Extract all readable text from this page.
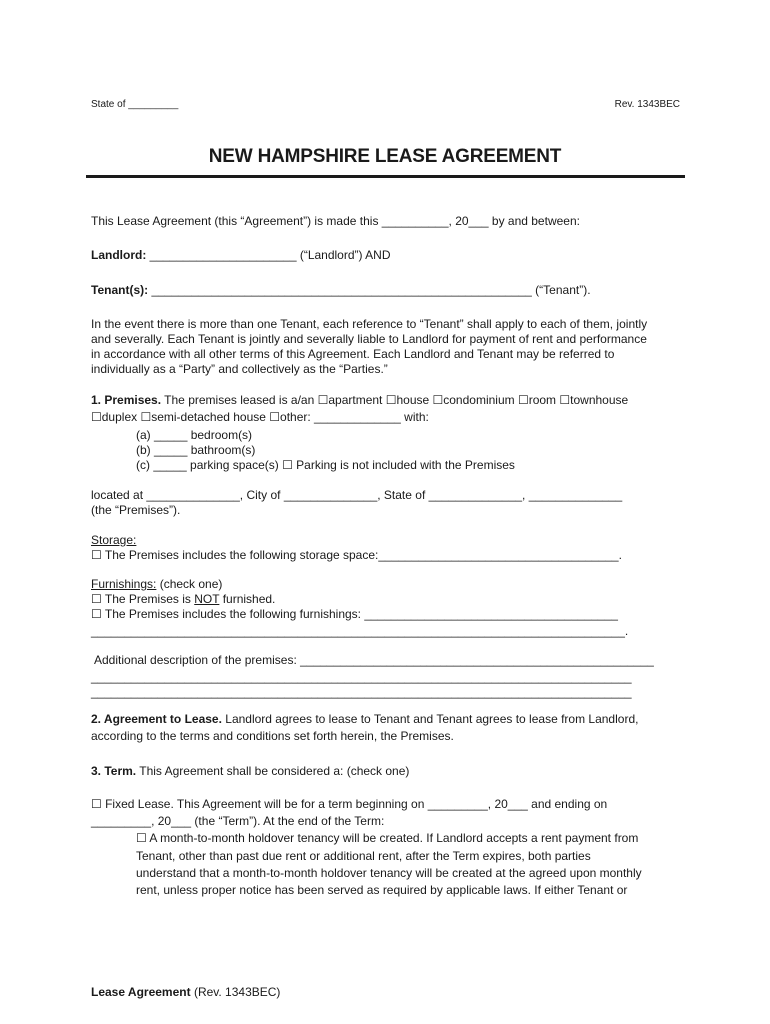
State of _________	Rev. 1343BEC
NEW HAMPSHIRE LEASE AGREEMENT
This Lease Agreement (this “Agreement”) is made this __________, 20___ by and between:
Landlord: ______________________ (“Landlord”) AND
Tenant(s): _________________________________________________________ (“Tenant”).
In the event there is more than one Tenant, each reference to “Tenant” shall apply to each of them, jointly
and severally. Each Tenant is jointly and severally liable to Landlord for payment of rent and performance
in accordance with all other terms of this Agreement. Each Landlord and Tenant may be referred to
individually as a “Party” and collectively as the “Parties.”
1. Premises. The premises leased is a/an ☐apartment ☐house ☐condominium ☐room ☐townhouse
☐duplex ☐semi-detached house ☐other: _____________ with:
(a) _____ bedroom(s)
(b) _____ bathroom(s)
(c) _____ parking space(s) ☐ Parking is not included with the Premises
located at ______________, City of ______________, State of ______________, ______________
(the “Premises”).
Storage:
☐ The Premises includes the following storage space:____________________________________.
Furnishings: (check one)
☐ The Premises is NOT furnished.
☐ The Premises includes the following furnishings: ______________________________________
________________________________________________________________________________.
Additional description of the premises: _____________________________________________________
_________________________________________________________________________________
_________________________________________________________________________________
2. Agreement to Lease. Landlord agrees to lease to Tenant and Tenant agrees to lease from Landlord,
according to the terms and conditions set forth herein, the Premises.
3. Term. This Agreement shall be considered a: (check one)
☐ Fixed Lease. This Agreement will be for a term beginning on _________, 20___ and ending on
_________, 20___ (the “Term”). At the end of the Term:
☐ A month-to-month holdover tenancy will be created. If Landlord accepts a rent payment from
Tenant, other than past due rent or additional rent, after the Term expires, both parties
understand that a month-to-month holdover tenancy will be created at the agreed upon monthly
rent, unless proper notice has been served as required by applicable laws. If either Tenant or
Lease Agreement (Rev. 1343BEC)
